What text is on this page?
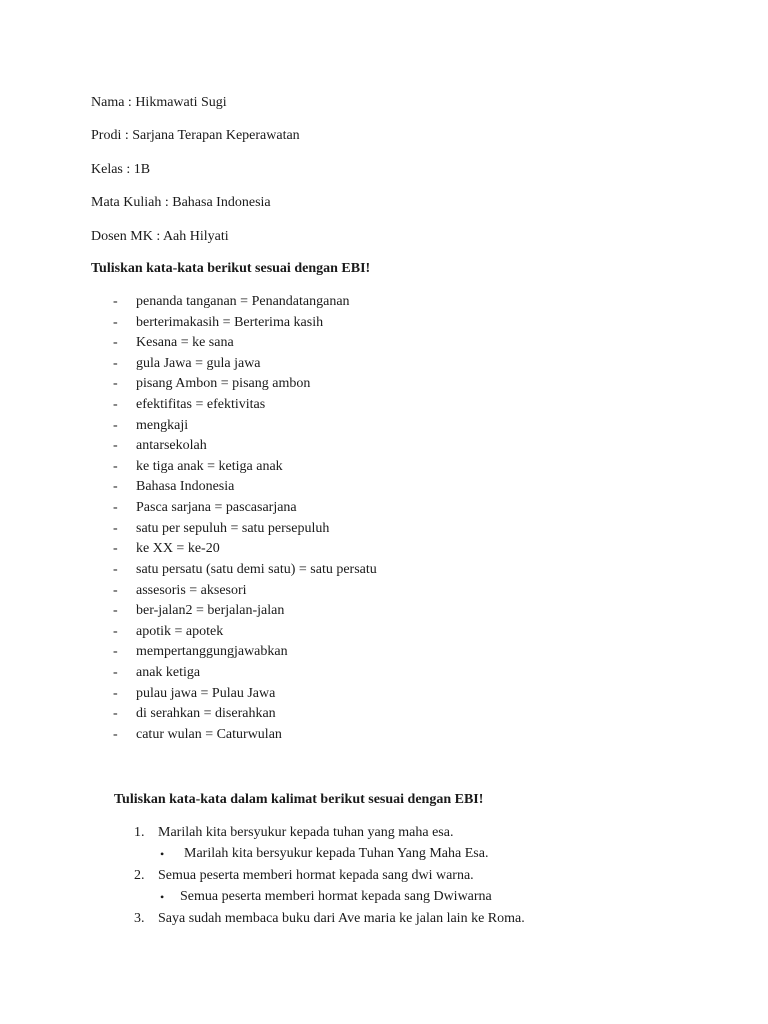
Nama : Hikmawati Sugi
Prodi : Sarjana Terapan Keperawatan
Kelas : 1B
Mata Kuliah : Bahasa Indonesia
Dosen MK : Aah Hilyati
Tuliskan kata-kata berikut sesuai dengan EBI!
- penanda tanganan = Penandatanganan
- berterimakasih = Berterima kasih
- Kesana = ke sana
- gula Jawa = gula jawa
- pisang Ambon = pisang ambon
- efektifitas = efektivitas
- mengkaji
- antarsekolah
- ke tiga anak = ketiga anak
- Bahasa Indonesia
- Pasca sarjana = pascasarjana
- satu per sepuluh = satu persepuluh
- ke XX = ke-20
- satu persatu (satu demi satu) = satu persatu
- assesoris = aksesori
- ber-jalan2 = berjalan-jalan
- apotik = apotek
- mempertanggungjawabkan
- anak ketiga
- pulau jawa = Pulau Jawa
- di serahkan = diserahkan
- catur wulan = Caturwulan
Tuliskan kata-kata dalam kalimat berikut sesuai dengan EBI!
1. Marilah kita bersyukur kepada tuhan yang maha esa.
• Marilah kita bersyukur kepada Tuhan Yang Maha Esa.
2. Semua peserta memberi hormat kepada sang dwi warna.
• Semua peserta memberi hormat kepada sang Dwiwarna
3. Saya sudah membaca buku dari Ave maria ke jalan lain ke Roma.
